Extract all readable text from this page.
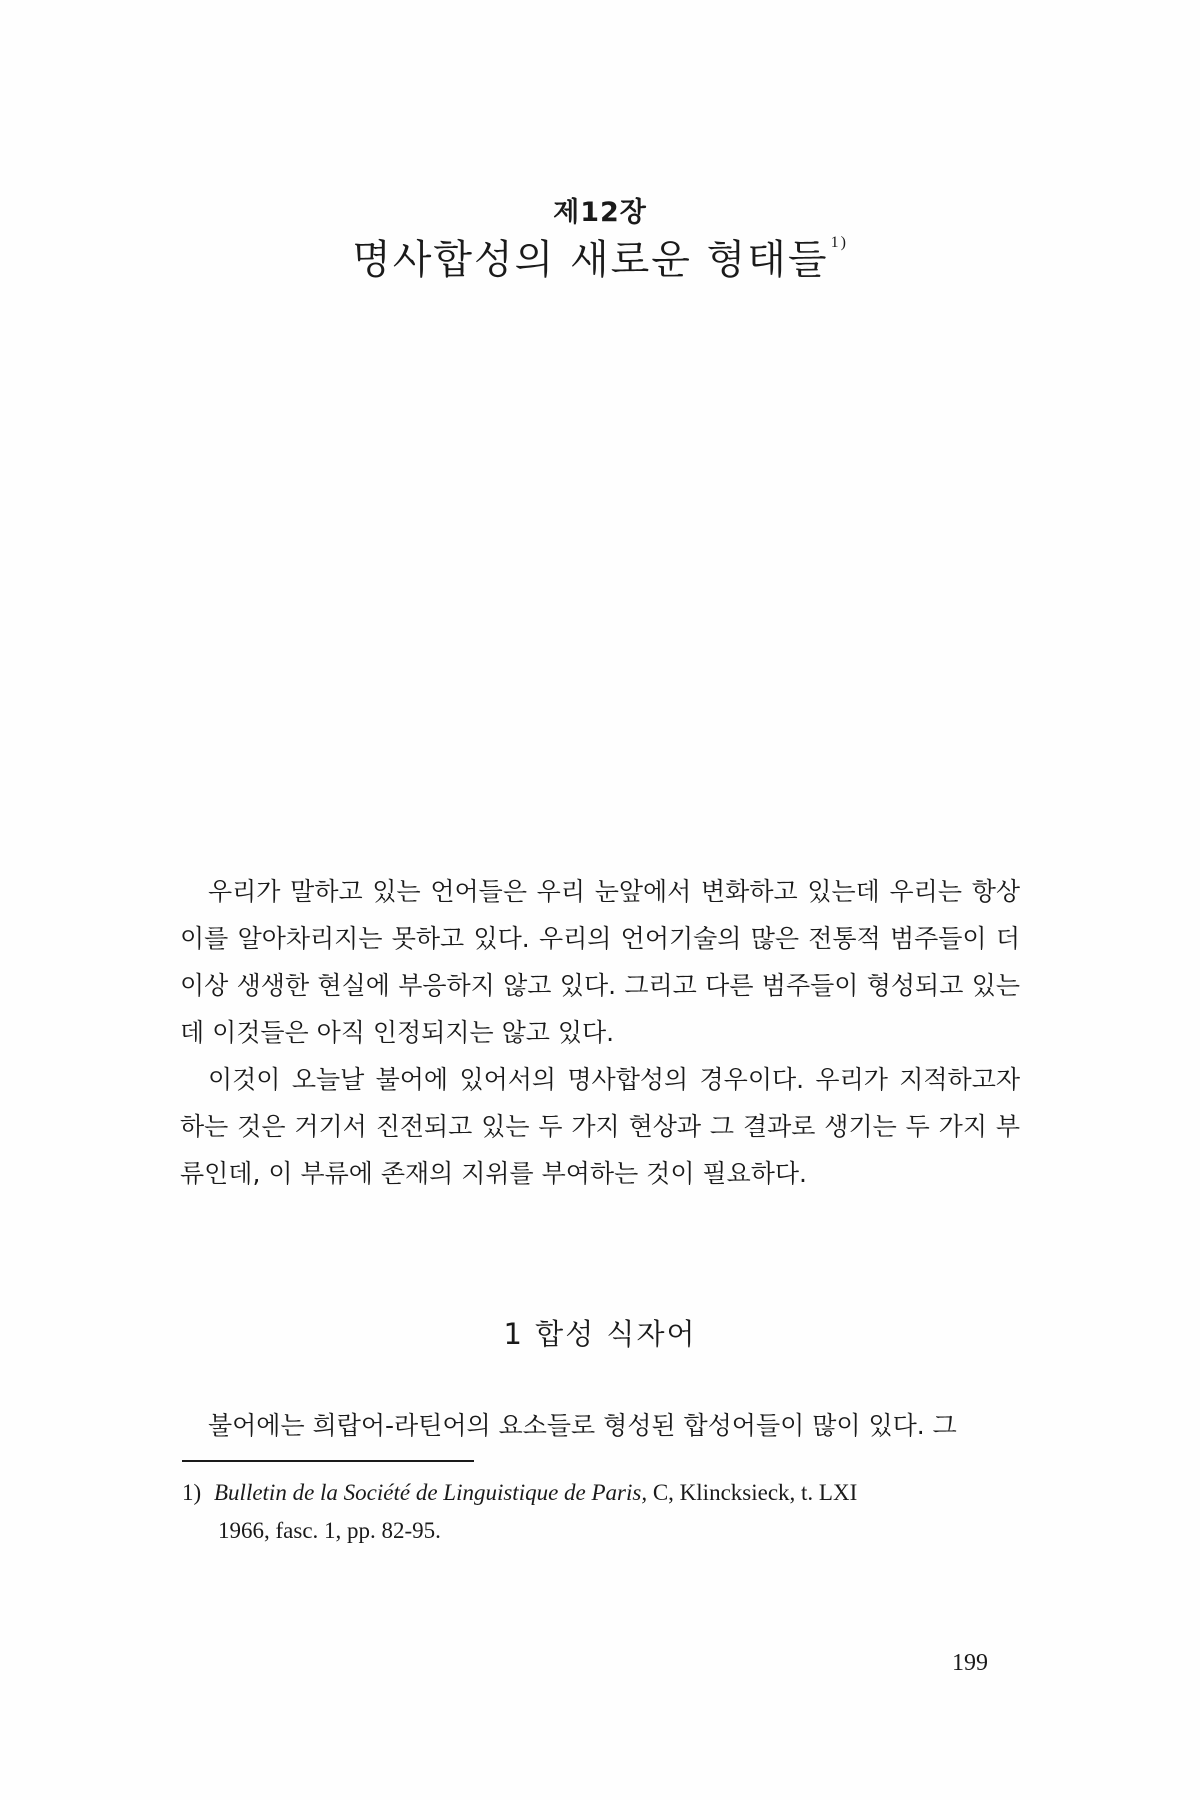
제12장
명사합성의 새로운 형태들 $^{1)}$

우리가 말하고 있는 언어들은 우리 눈앞에서 변화하고 있는데 우리는 항상 이를 알아차리지는 못하고 있다. 우리의 언어기술의 많은 전통적 범주들이 더 이상 생생한 현실에 부응하지 않고 있다. 그리고 다른 범주들이 형성되고 있는데 이것들은 아직 인정되지는 않고 있다.

이것이 오늘날 불어에 있어서의 명사합성의 경우이다. 우리가 지적하고자 하는 것은 거기서 진전되고 있는 두 가지 현상과 그 결과로 생기는 두 가지 부류인데, 이 부류에 존재의 지위를 부여하는 것이 필요하다.

1 합성 식자어

불어에는 희랍어-라틴어의 요소들로 형성된 합성어들이 많이 있다. 그

1) Bulletin de la Société de Linguistique de Paris, C, Klincksieck, t. LXI
1966, fasc. 1, pp. 82-95.
199
